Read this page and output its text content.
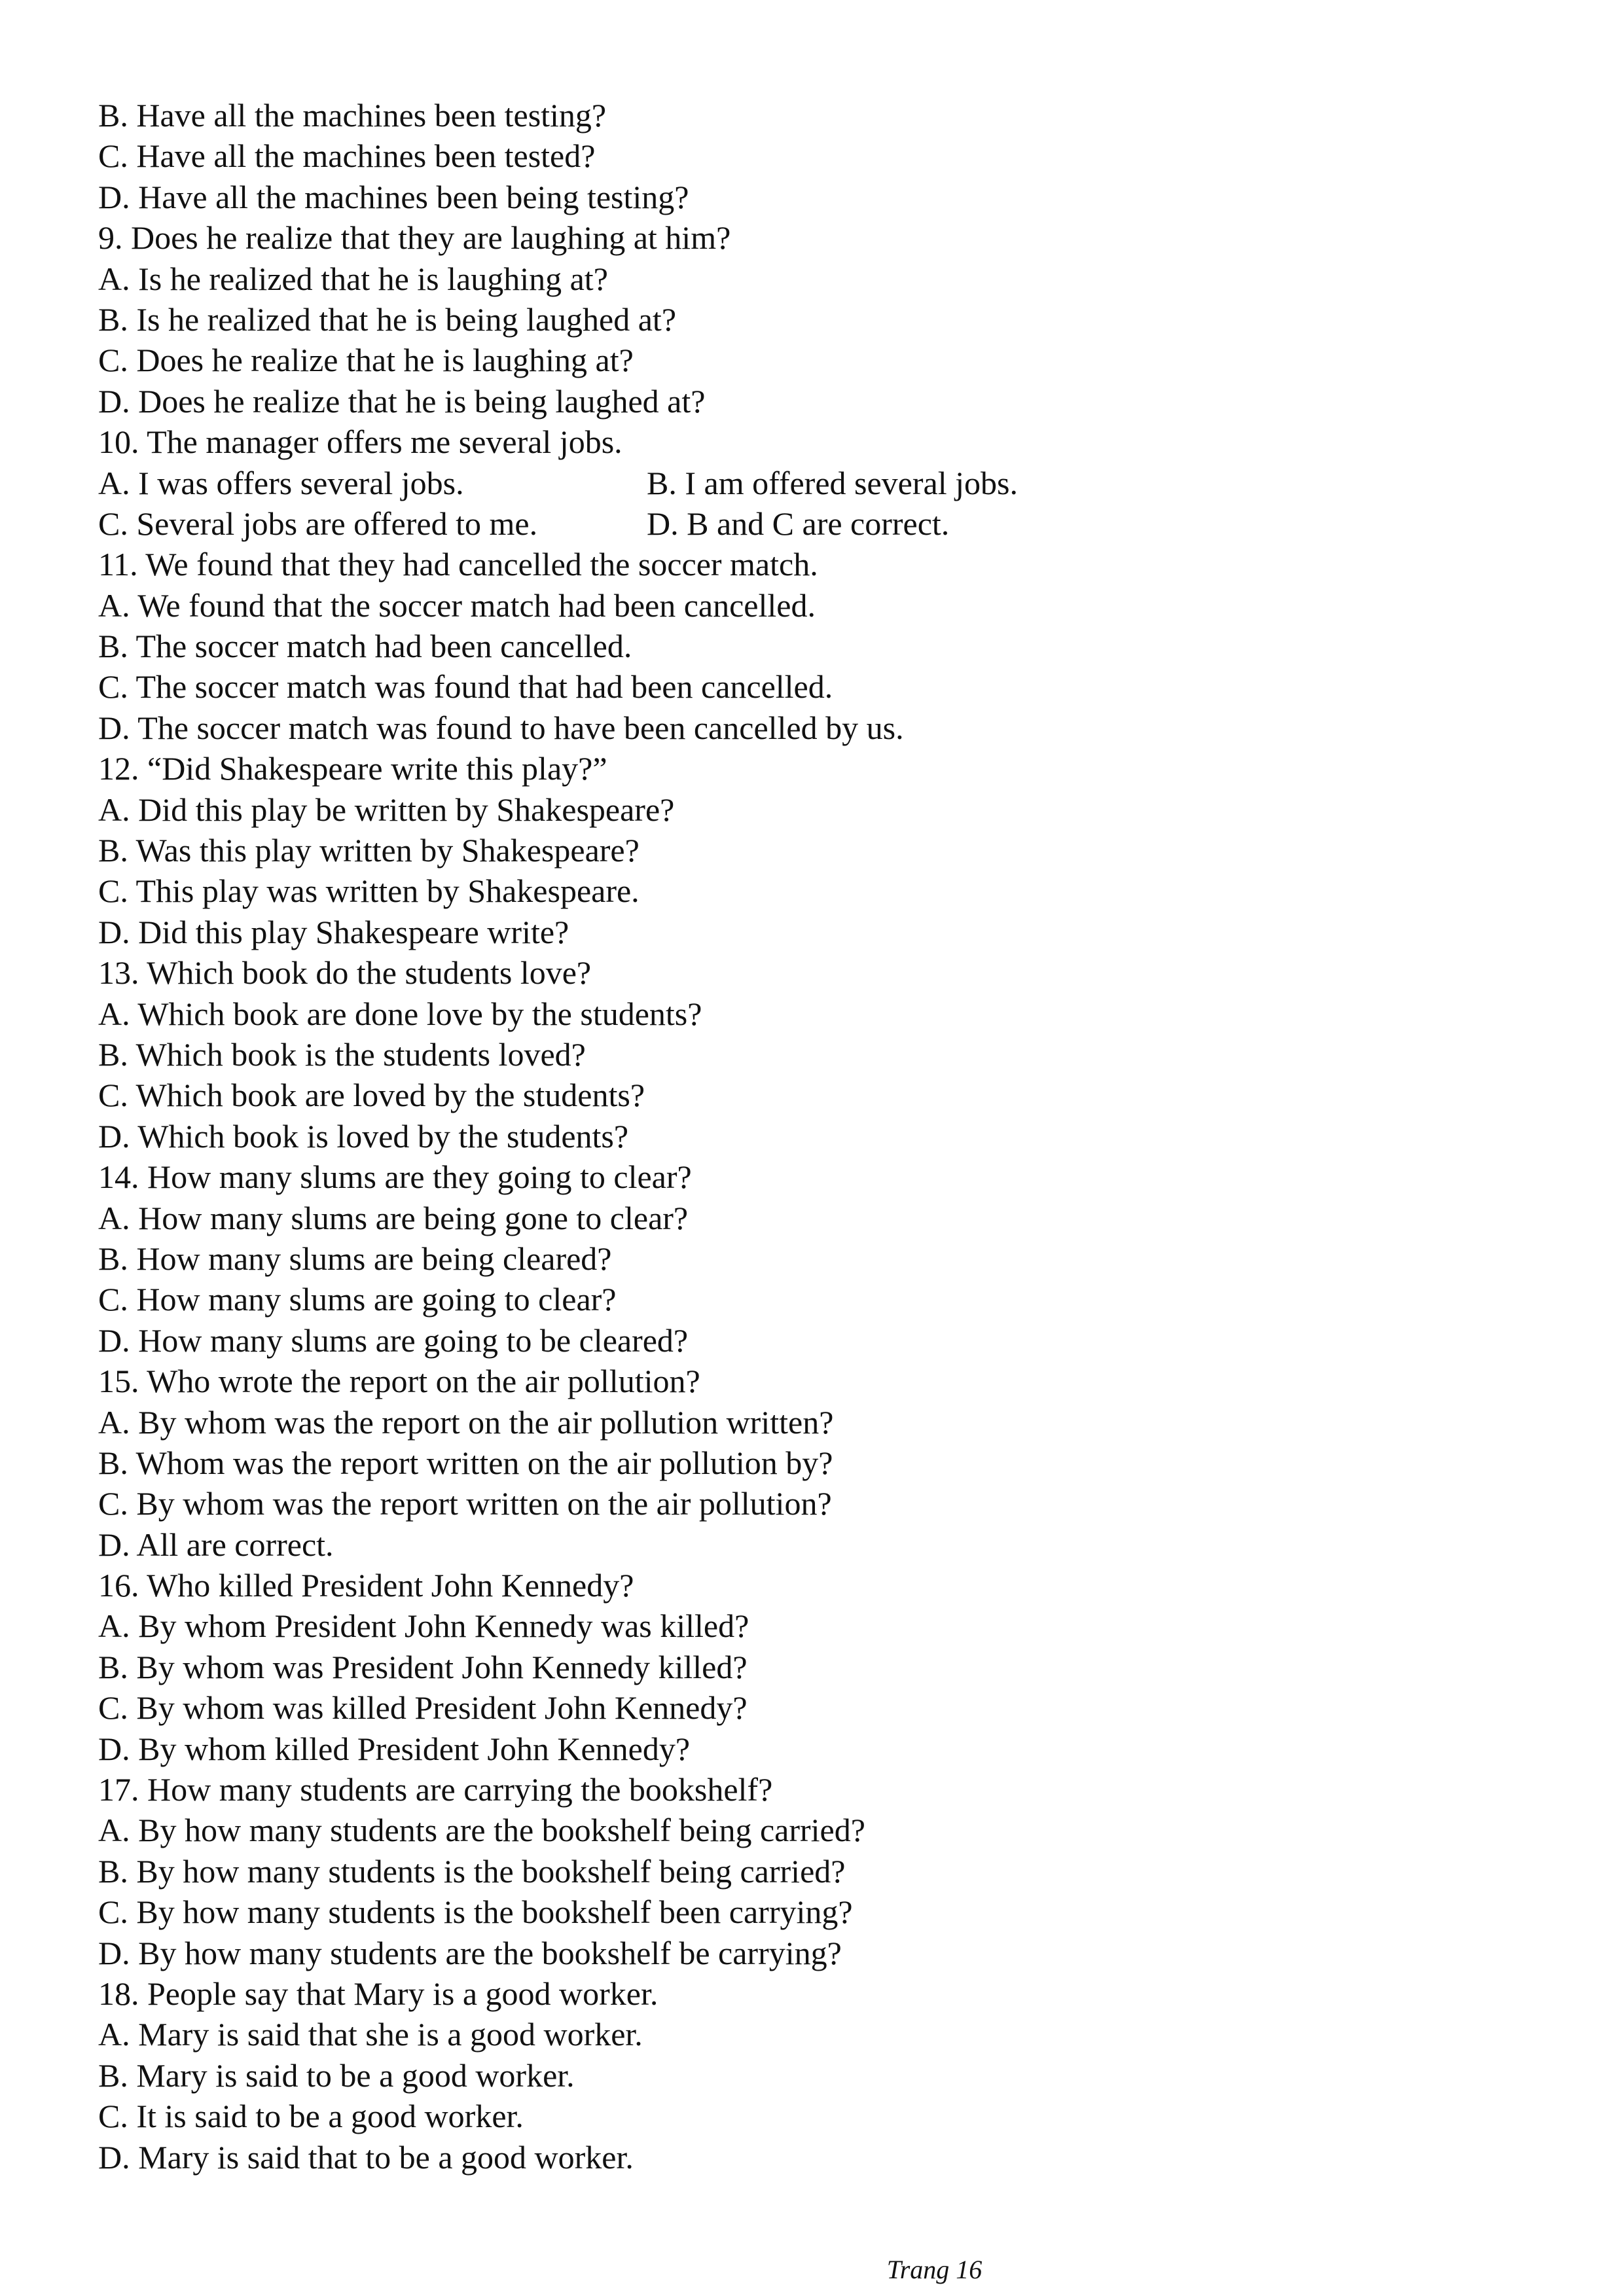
B. Have all the machines been testing?
C. Have all the machines been tested?
D. Have all the machines been being testing?
9. Does he realize that they are laughing at him?
A. Is he realized that he is laughing at?
B. Is he realized that he is being laughed at?
C. Does he realize that he is laughing at?
D. Does he realize that he is being laughed at?
10. The manager offers me several jobs.
A. I was offers several jobs.	B. I am offered several jobs.
C. Several jobs are offered to me.	D. B and C are correct.
11. We found that they had cancelled the soccer match.
A. We found that the soccer match had been cancelled.
B. The soccer match had been cancelled.
C. The soccer match was found that had been cancelled.
D. The soccer match was found to have been cancelled by us.
12. “Did Shakespeare write this play?”
A. Did this play be written by Shakespeare?
B. Was this play written by Shakespeare?
C. This play was written by Shakespeare.
D. Did this play Shakespeare write?
13. Which book do the students love?
A. Which book are done love by the students?
B. Which book is the students loved?
C. Which book are loved by the students?
D. Which book is loved by the students?
14. How many slums are they going to clear?
A. How many slums are being gone to clear?
B. How many slums are being cleared?
C. How many slums are going to clear?
D. How many slums are going to be cleared?
15. Who wrote the report on the air pollution?
A. By whom was the report on the air pollution written?
B. Whom was the report written on the air pollution by?
C. By whom was the report written on the air pollution?
D. All are correct.
16. Who killed President John Kennedy?
A. By whom President John Kennedy was killed?
B. By whom was President John Kennedy killed?
C. By whom was killed President John Kennedy?
D. By whom killed President John Kennedy?
17. How many students are carrying the bookshelf?
A. By how many students are the bookshelf being carried?
B. By how many students is the bookshelf being carried?
C. By how many students is the bookshelf been carrying?
D. By how many students are the bookshelf be carrying?
18. People say that Mary is a good worker.
A. Mary is said that she is a good worker.
B. Mary is said to be a good worker.
C. It is said to be a good worker.
D. Mary is said that to be a good worker.
Trang 16
